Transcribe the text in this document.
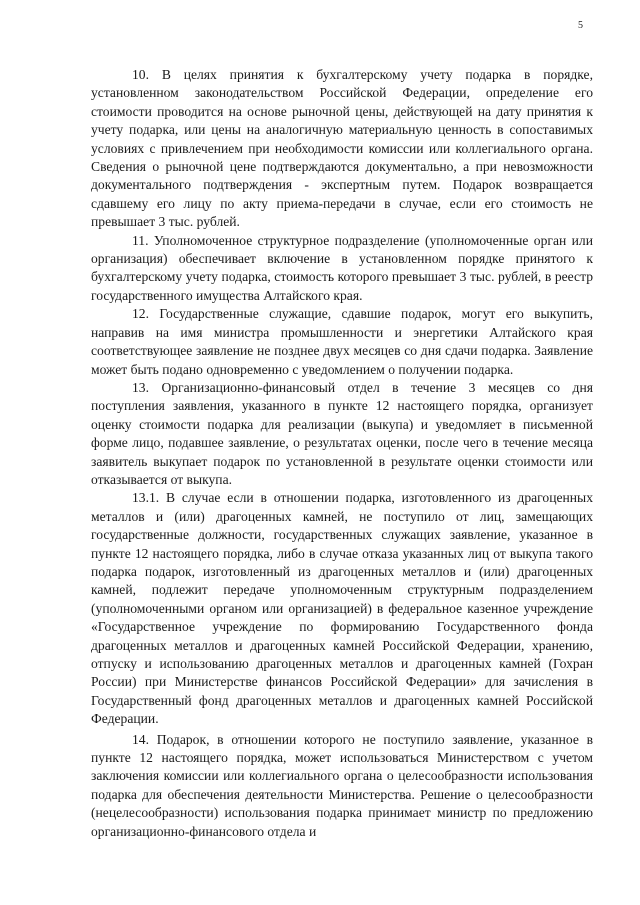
5

10. В целях принятия к бухгалтерскому учету подарка в порядке, установленном законодательством Российской Федерации, определение его стоимости проводится на основе рыночной цены, действующей на дату принятия к учету подарка, или цены на аналогичную материальную ценность в сопоставимых условиях с привлечением при необходимости комиссии или коллегиального органа. Сведения о рыночной цене подтверждаются документально, а при невозможности документального подтверждения - экспертным путем. Подарок возвращается сдавшему его лицу по акту приема-передачи в случае, если его стоимость не превышает 3 тыс. рублей.

11. Уполномоченное структурное подразделение (уполномоченные орган или организация) обеспечивает включение в установленном порядке принятого к бухгалтерскому учету подарка, стоимость которого превышает 3 тыс. рублей, в реестр государственного имущества Алтайского края.

12. Государственные служащие, сдавшие подарок, могут его выкупить, направив на имя министра промышленности и энергетики Алтайского края соответствующее заявление не позднее двух месяцев со дня сдачи подарка. Заявление может быть подано одновременно с уведомлением о получении подарка.

13. Организационно-финансовый отдел в течение 3 месяцев со дня поступления заявления, указанного в пункте 12 настоящего порядка, организует оценку стоимости подарка для реализации (выкупа) и уведомляет в письменной форме лицо, подавшее заявление, о результатах оценки, после чего в течение месяца заявитель выкупает подарок по установленной в результате оценки стоимости или отказывается от выкупа.

13.1. В случае если в отношении подарка, изготовленного из драгоценных металлов и (или) драгоценных камней, не поступило от лиц, замещающих государственные должности, государственных служащих заявление, указанное в пункте 12 настоящего порядка, либо в случае отказа указанных лиц от выкупа такого подарка подарок, изготовленный из драгоценных металлов и (или) драгоценных камней, подлежит передаче уполномоченным структурным подразделением (уполномоченными органом или организацией) в федеральное казенное учреждение «Государственное учреждение по формированию Государственного фонда драгоценных металлов и драгоценных камней Российской Федерации, хранению, отпуску и использованию драгоценных металлов и драгоценных камней (Гохран России) при Министерстве финансов Российской Федерации» для зачисления в Государственный фонд драгоценных металлов и драгоценных камней Российской Федерации.

14. Подарок, в отношении которого не поступило заявление, указанное в пункте 12 настоящего порядка, может использоваться Министерством с учетом заключения комиссии или коллегиального органа о целесообразности использования подарка для обеспечения деятельности Министерства. Решение о целесообразности (нецелесообразности) использования подарка принимает министр по предложению организационно-финансового отдела и
